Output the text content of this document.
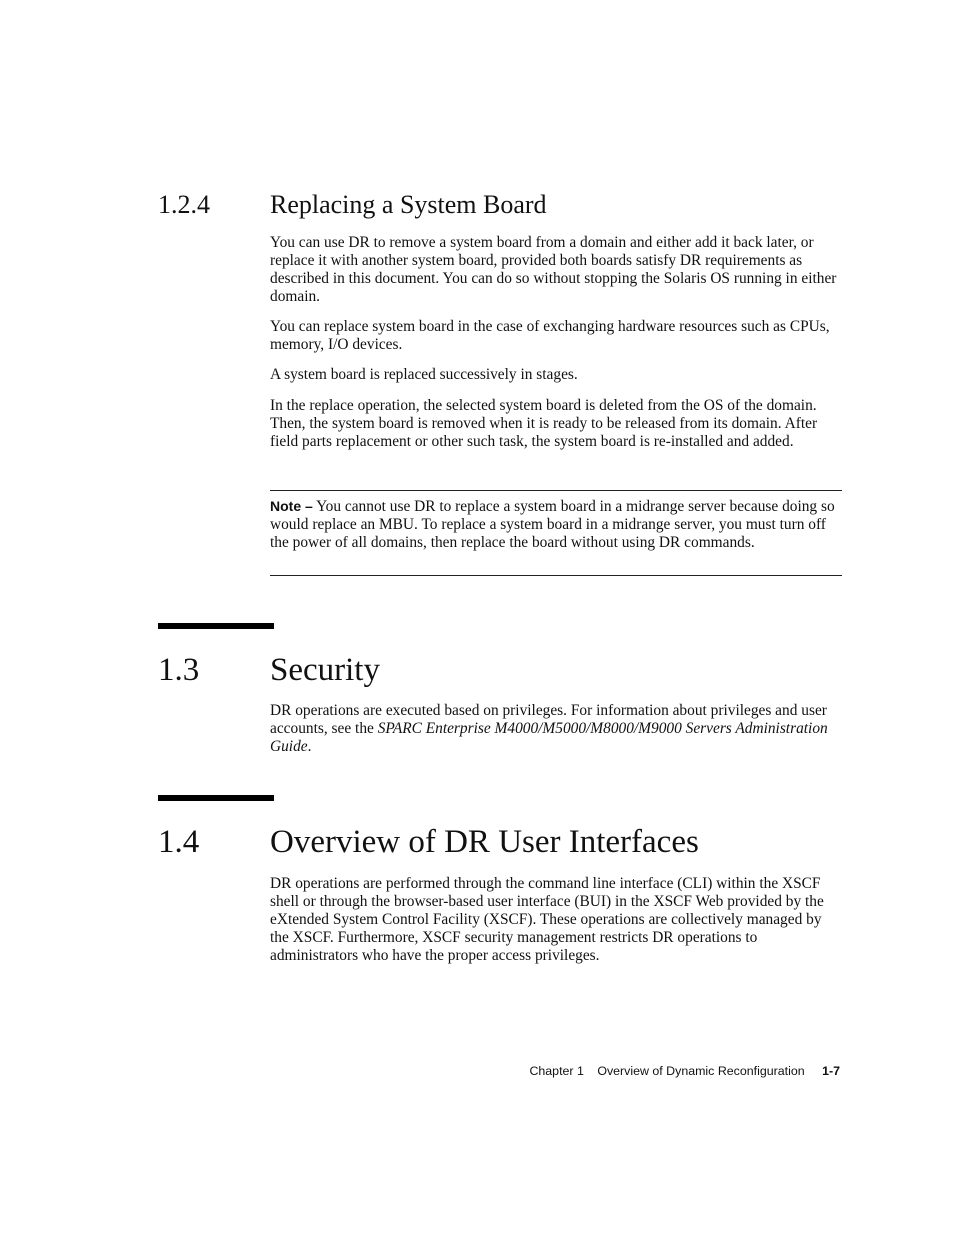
1.2.4 Replacing a System Board

You can use DR to remove a system board from a domain and either add it back later, or replace it with another system board, provided both boards satisfy DR requirements as described in this document. You can do so without stopping the Solaris OS running in either domain.

You can replace system board in the case of exchanging hardware resources such as CPUs, memory, I/O devices.

A system board is replaced successively in stages.

In the replace operation, the selected system board is deleted from the OS of the domain. Then, the system board is removed when it is ready to be released from its domain. After field parts replacement or other such task, the system board is re-installed and added.

Note – You cannot use DR to replace a system board in a midrange server because doing so would replace an MBU. To replace a system board in a midrange server, you must turn off the power of all domains, then replace the board without using DR commands.

1.3 Security

DR operations are executed based on privileges. For information about privileges and user accounts, see the SPARC Enterprise M4000/M5000/M8000/M9000 Servers Administration Guide.

1.4 Overview of DR User Interfaces

DR operations are performed through the command line interface (CLI) within the XSCF shell or through the browser-based user interface (BUI) in the XSCF Web provided by the eXtended System Control Facility (XSCF). These operations are collectively managed by the XSCF. Furthermore, XSCF security management restricts DR operations to administrators who have the proper access privileges.

Chapter 1 Overview of Dynamic Reconfiguration 1-7
